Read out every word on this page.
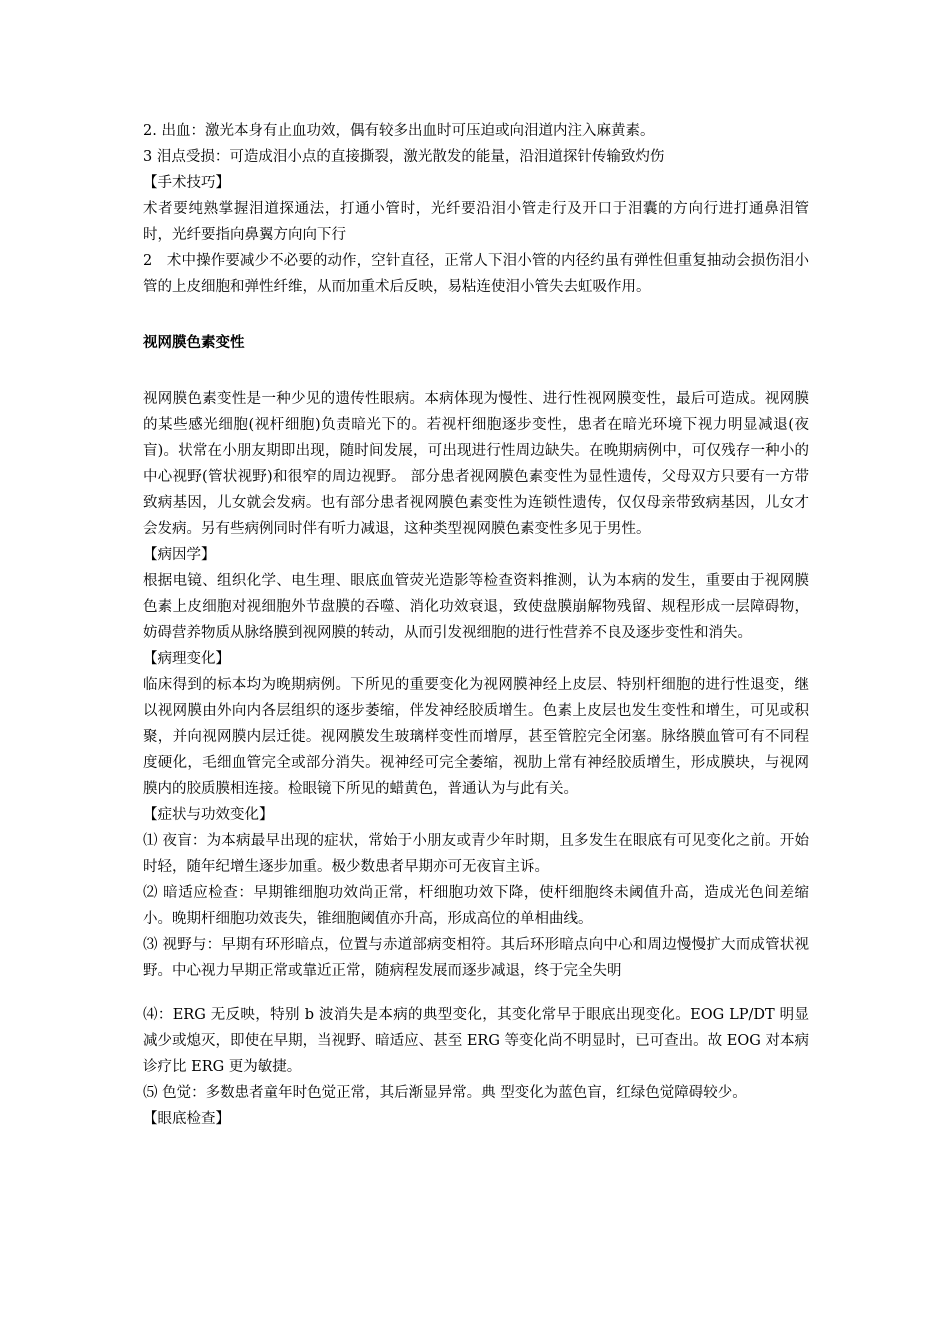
2. 出血：激光本身有止血功效，偶有较多出血时可压迫或向泪道内注入麻黄素。

3 泪点受损：可造成泪小点的直接撕裂，激光散发的能量，沿泪道探针传输致灼伤

【手术技巧】

术者要纯熟掌握泪道探通法，打通小管时，光纤要沿泪小管走行及开口于泪囊的方向行进打通鼻泪管时，光纤要指向鼻翼方向向下行

2　术中操作要减少不必要的动作，空针直径，正常人下泪小管的内径约虽有弹性但重复抽动会损伤泪小管的上皮细胞和弹性纤维，从而加重术后反映，易粘连使泪小管失去虹吸作用。

视网膜色素变性

视网膜色素变性是一种少见的遗传性眼病。本病体现为慢性、进行性视网膜变性，最后可造成。视网膜的某些感光细胞(视杆细胞)负责暗光下的。若视杆细胞逐步变性，患者在暗光环境下视力明显减退(夜盲)。状常在小朋友期即出现，随时间发展，可出现进行性周边缺失。在晚期病例中，可仅残存一种小的中心视野(管状视野)和很窄的周边视野。 部分患者视网膜色素变性为显性遗传，父母双方只要有一方带致病基因，儿女就会发病。也有部分患者视网膜色素变性为连锁性遗传，仅仅母亲带致病基因，儿女才会发病。另有些病例同时伴有听力减退，这种类型视网膜色素变性多见于男性。

【病因学】

根据电镜、组织化学、电生理、眼底血管荧光造影等检查资料推测，认为本病的发生，重要由于视网膜色素上皮细胞对视细胞外节盘膜的吞噬、消化功效衰退，致使盘膜崩解物残留、规程形成一层障碍物，妨碍营养物质从脉络膜到视网膜的转动，从而引发视细胞的进行性营养不良及逐步变性和消失。

【病理变化】

临床得到的标本均为晚期病例。下所见的重要变化为视网膜神经上皮层、特别杆细胞的进行性退变，继以视网膜由外向内各层组织的逐步萎缩，伴发神经胶质增生。色素上皮层也发生变性和增生，可见或积聚，并向视网膜内层迁徙。视网膜发生玻璃样变性而增厚，甚至管腔完全闭塞。脉络膜血管可有不同程度硬化，毛细血管完全或部分消失。视神经可完全萎缩，视肋上常有神经胶质增生，形成膜块，与视网膜内的胶质膜相连接。检眼镜下所见的蜡黄色，普通认为与此有关。

【症状与功效变化】

⑴ 夜盲：为本病最早出现的症状，常始于小朋友或青少年时期，且多发生在眼底有可见变化之前。开始时轻，随年纪增生逐步加重。极少数患者早期亦可无夜盲主诉。

⑵ 暗适应检查：早期锥细胞功效尚正常，杆细胞功效下降，使杆细胞终未阈值升高，造成光色间差缩小。晚期杆细胞功效丧失，锥细胞阈值亦升高，形成高位的单相曲线。

⑶ 视野与：早期有环形暗点，位置与赤道部病变相符。其后环形暗点向中心和周边慢慢扩大而成管状视野。中心视力早期正常或靠近正常，随病程发展而逐步减退，终于完全失明

⑷：ERG 无反映，特别 b 波消失是本病的典型变化，其变化常早于眼底出现变化。EOG LP/DT 明显减少或熄灭，即使在早期，当视野、暗适应、甚至 ERG 等变化尚不明显时，已可查出。故 EOG 对本病诊疗比 ERG 更为敏捷。

⑸ 色觉：多数患者童年时色觉正常，其后渐显异常。典 型变化为蓝色盲，红绿色觉障碍较少。

【眼底检查】
